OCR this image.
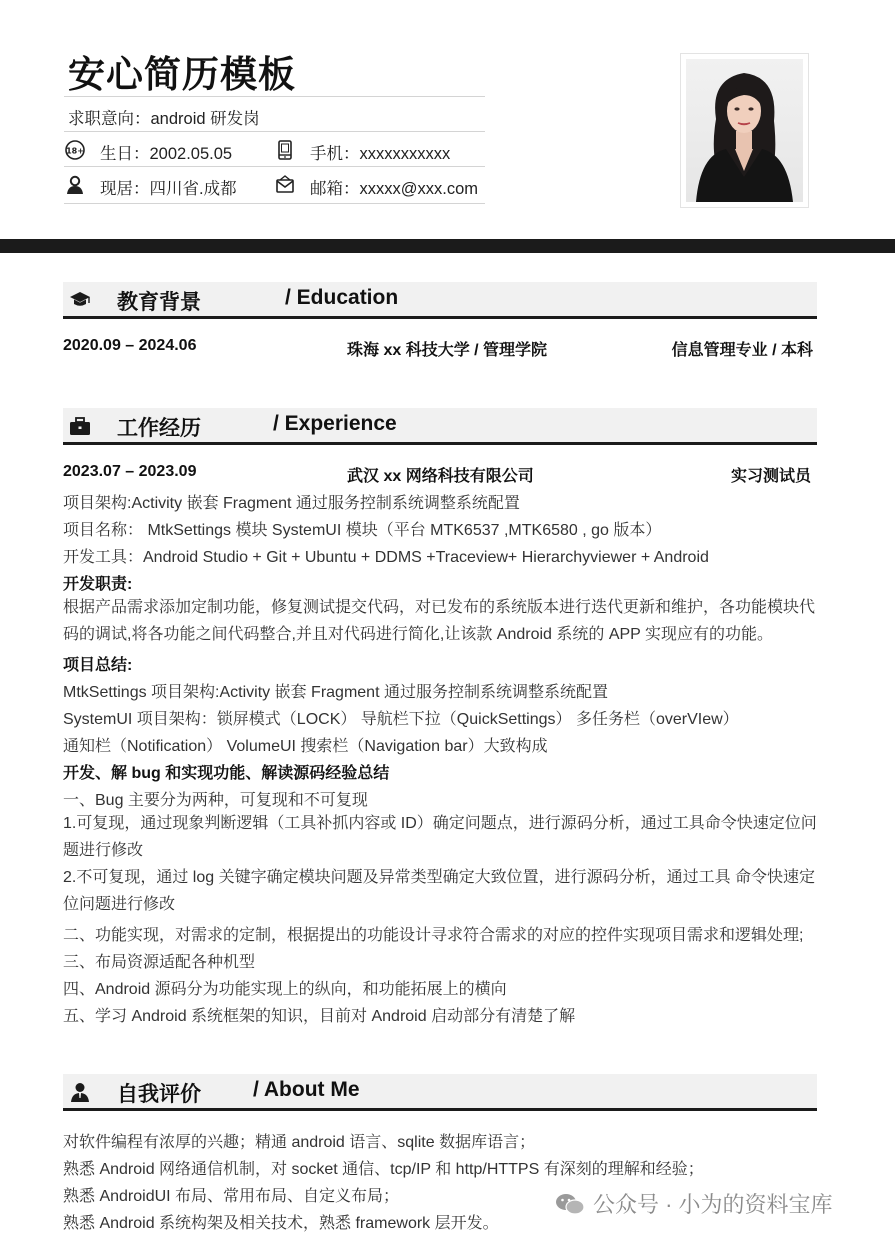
安心简历模板
求职意向：android 研发岗
18+ 生日：2002.05.05	手机：xxxxxxxxxxx
现居：四川省.成都	邮箱：xxxxx@xxx.com
教育背景	/ Education
2020.09 – 2024.06	珠海 xx 科技大学 / 管理学院	信息管理专业 / 本科
工作经历	/ Experience
2023.07 – 2023.09	武汉 xx 网络科技有限公司	实习测试员
项目架构:Activity 嵌套 Fragment 通过服务控制系统调整系统配置
项目名称： MtkSettings 模块 SystemUI 模块（平台 MTK6537 ,MTK6580 , go 版本）
开发工具：Android Studio + Git + Ubuntu + DDMS +Traceview+ Hierarchyviewer + Android
开发职责:
根据产品需求添加定制功能，修复测试提交代码，对已发布的系统版本进行迭代更新和维护，各功能模块代码的调试,将各功能之间代码整合,并且对代码进行简化,让该款 Android 系统的 APP 实现应有的功能。
项目总结:
MtkSettings 项目架构:Activity 嵌套 Fragment 通过服务控制系统调整系统配置
SystemUI 项目架构：锁屏模式（LOCK） 导航栏下拉（QuickSettings） 多任务栏（overVIew）
通知栏（Notification） VolumeUI 搜索栏（Navigation bar）大致构成
开发、解 bug 和实现功能、解读源码经验总结
一、Bug 主要分为两种，可复现和不可复现
1.可复现，通过现象判断逻辑（工具补抓内容或 ID）确定问题点，进行源码分析，通过工具命令快速定位问题进行修改
2.不可复现，通过 log 关键字确定模块问题及异常类型确定大致位置，进行源码分析，通过工具 命令快速定位问题进行修改
二、功能实现，对需求的定制，根据提出的功能设计寻求符合需求的对应的控件实现项目需求和逻辑处理;
三、布局资源适配各种机型
四、Android 源码分为功能实现上的纵向，和功能拓展上的横向
五、学习 Android 系统框架的知识，目前对 Android 启动部分有清楚了解
自我评价 / About Me
对软件编程有浓厚的兴趣；精通 android 语言、sqlite 数据库语言；
熟悉 Android 网络通信机制，对 socket 通信、tcp/IP 和 http/HTTPS 有深刻的理解和经验；
熟悉 AndroidUI 布局、常用布局、自定义布局；
熟悉 Android 系统构架及相关技术，熟悉 framework 层开发。
公众号 · 小为的资料宝库
